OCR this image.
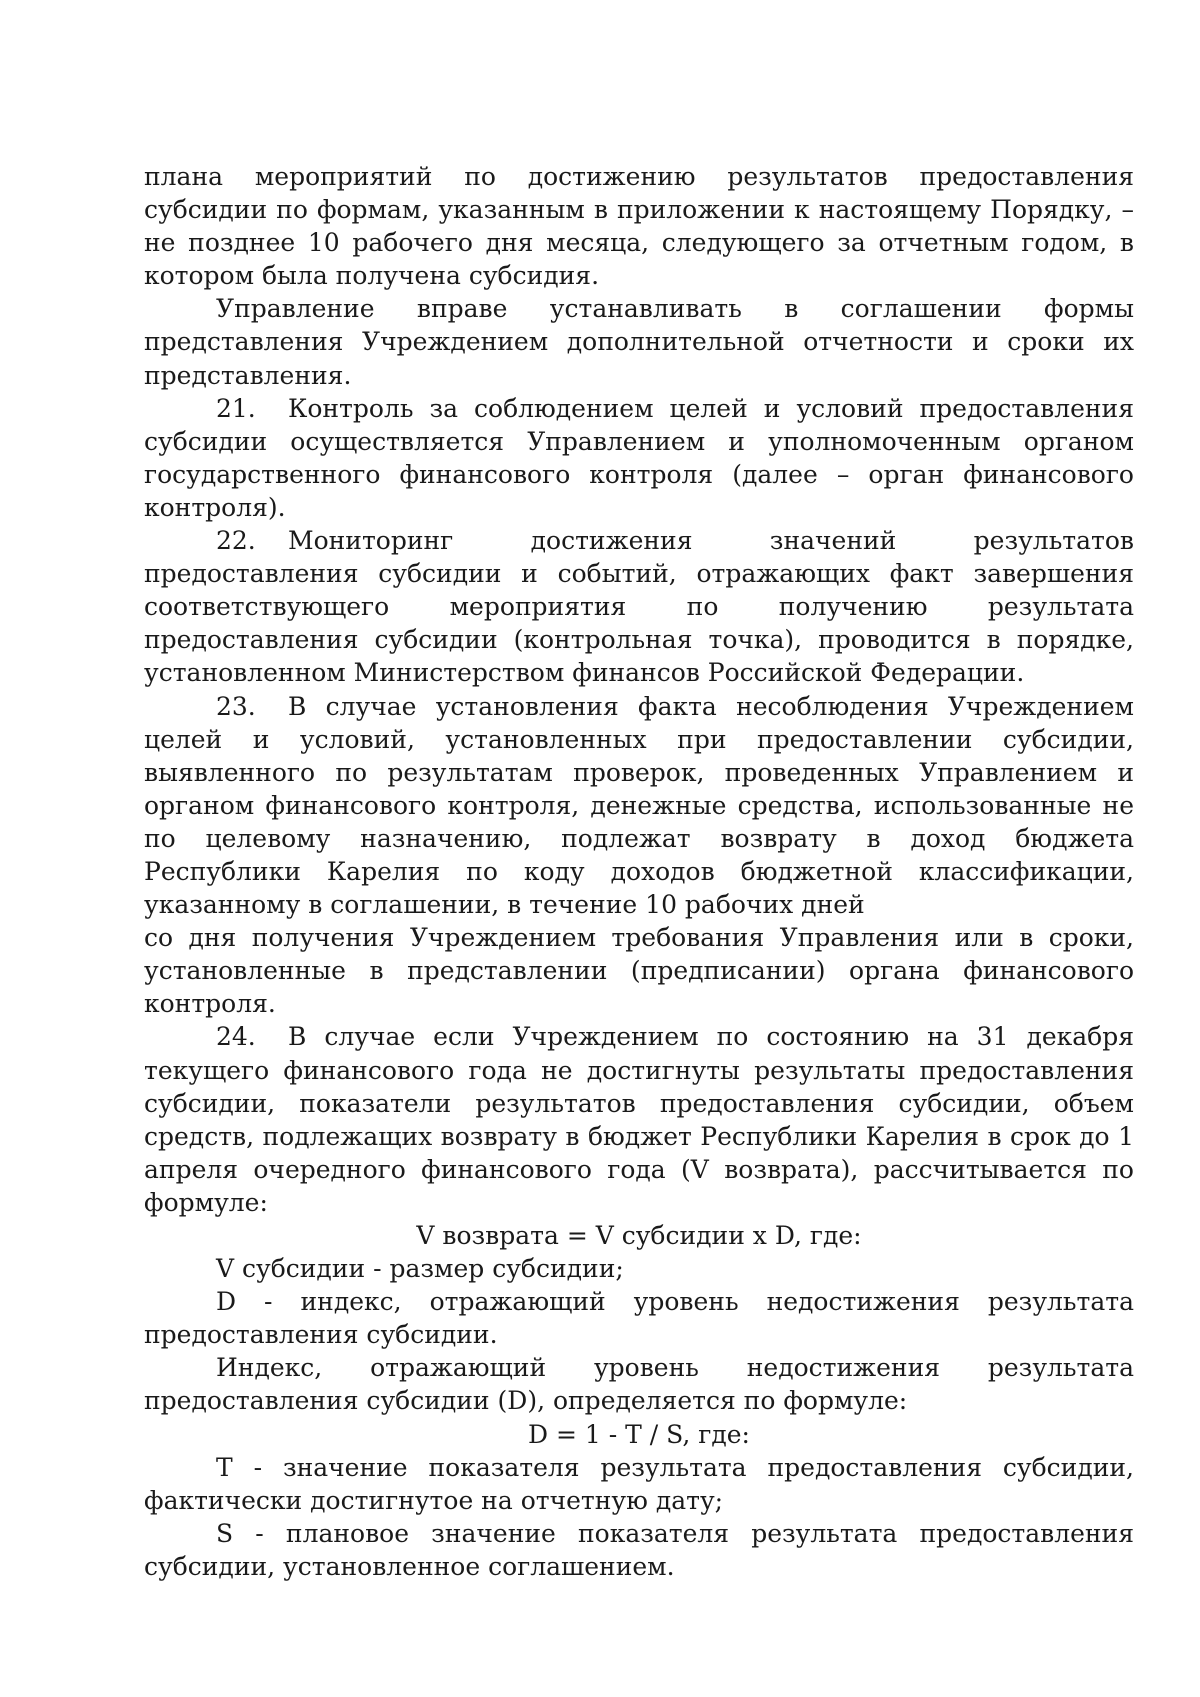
плана мероприятий по достижению результатов предоставления субсидии по формам, указанным в приложении к настоящему Порядку, – не позднее 10 рабочего дня месяца, следующего за отчетным годом, в котором была получена субсидия.

Управление вправе устанавливать в соглашении формы представления Учреждением дополнительной отчетности и сроки их представления.

21. Контроль за соблюдением целей и условий предоставления субсидии осуществляется Управлением и уполномоченным органом государственного финансового контроля (далее – орган финансового контроля).

22. Мониторинг достижения значений результатов предоставления субсидии и событий, отражающих факт завершения соответствующего мероприятия по получению результата предоставления субсидии (контрольная точка), проводится в порядке, установленном Министерством финансов Российской Федерации.

23. В случае установления факта несоблюдения Учреждением целей и условий, установленных при предоставлении субсидии, выявленного по результатам проверок, проведенных Управлением и органом финансового контроля, денежные средства, использованные не по целевому назначению, подлежат возврату в доход бюджета Республики Карелия по коду доходов бюджетной классификации, указанному в соглашении, в течение 10 рабочих дней

со дня получения Учреждением требования Управления или в сроки, установленные в представлении (предписании) органа финансового контроля.

24. В случае если Учреждением по состоянию на 31 декабря текущего финансового года не достигнуты результаты предоставления субсидии, показатели результатов предоставления субсидии, объем средств, подлежащих возврату в бюджет Республики Карелия в срок до 1 апреля очередного финансового года (V возврата), рассчитывается по формуле:

V возврата = V субсидии x D, где:

V субсидии - размер субсидии;

D - индекс, отражающий уровень недостижения результата предоставления субсидии.

Индекс, отражающий уровень недостижения результата предоставления субсидии (D), определяется по формуле:

D = 1 - T / S, где:

T - значение показателя результата предоставления субсидии, фактически достигнутое на отчетную дату;

S - плановое значение показателя результата предоставления субсидии, установленное соглашением.
